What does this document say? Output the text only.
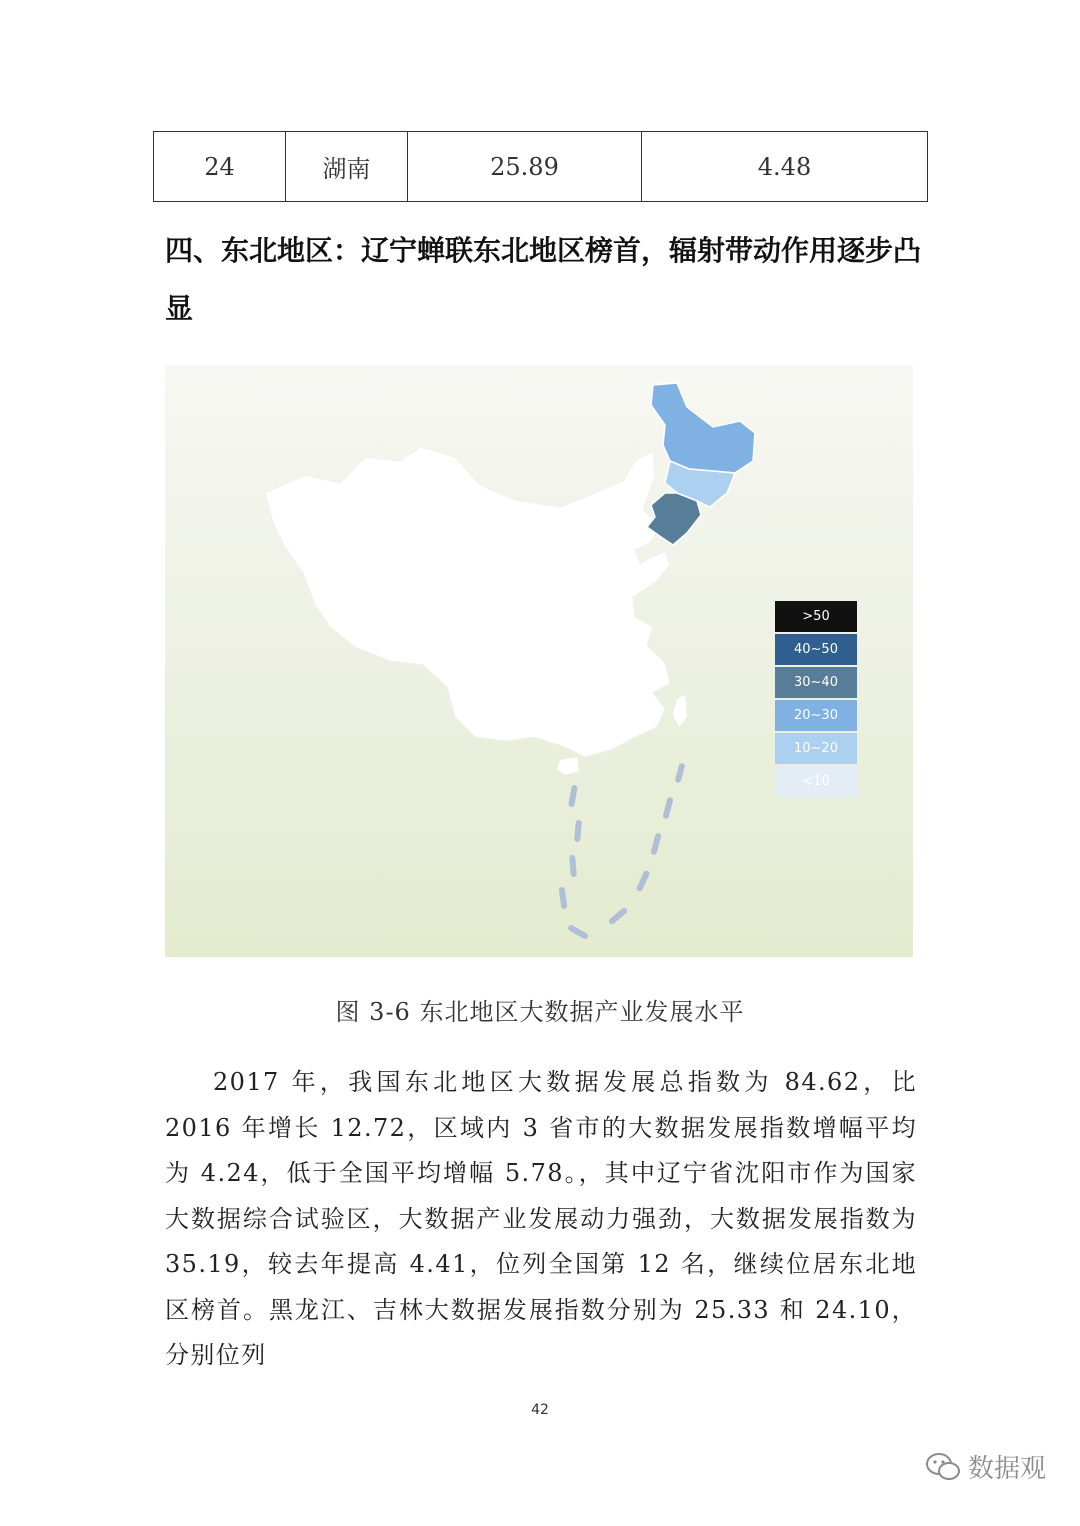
24	湖南	25.89	4.48
四、东北地区：辽宁蝉联东北地区榜首，辐射带动作用逐步凸显
>50
40~50
30~40
20~30
10~20
<10
图 3-6 东北地区大数据产业发展水平

2017 年，我国东北地区大数据发展总指数为 84.62，比 2016 年增长 12.72，区域内 3 省市的大数据发展指数增幅平均为 4.24，低于全国平均增幅 5.78。，其中辽宁省沈阳市作为国家大数据综合试验区，大数据产业发展动力强劲，大数据发展指数为 35.19，较去年提高 4.41，位列全国第 12 名，继续位居东北地区榜首。黑龙江、吉林大数据发展指数分别为 25.33 和 24.10，分别位列

42
数据观
